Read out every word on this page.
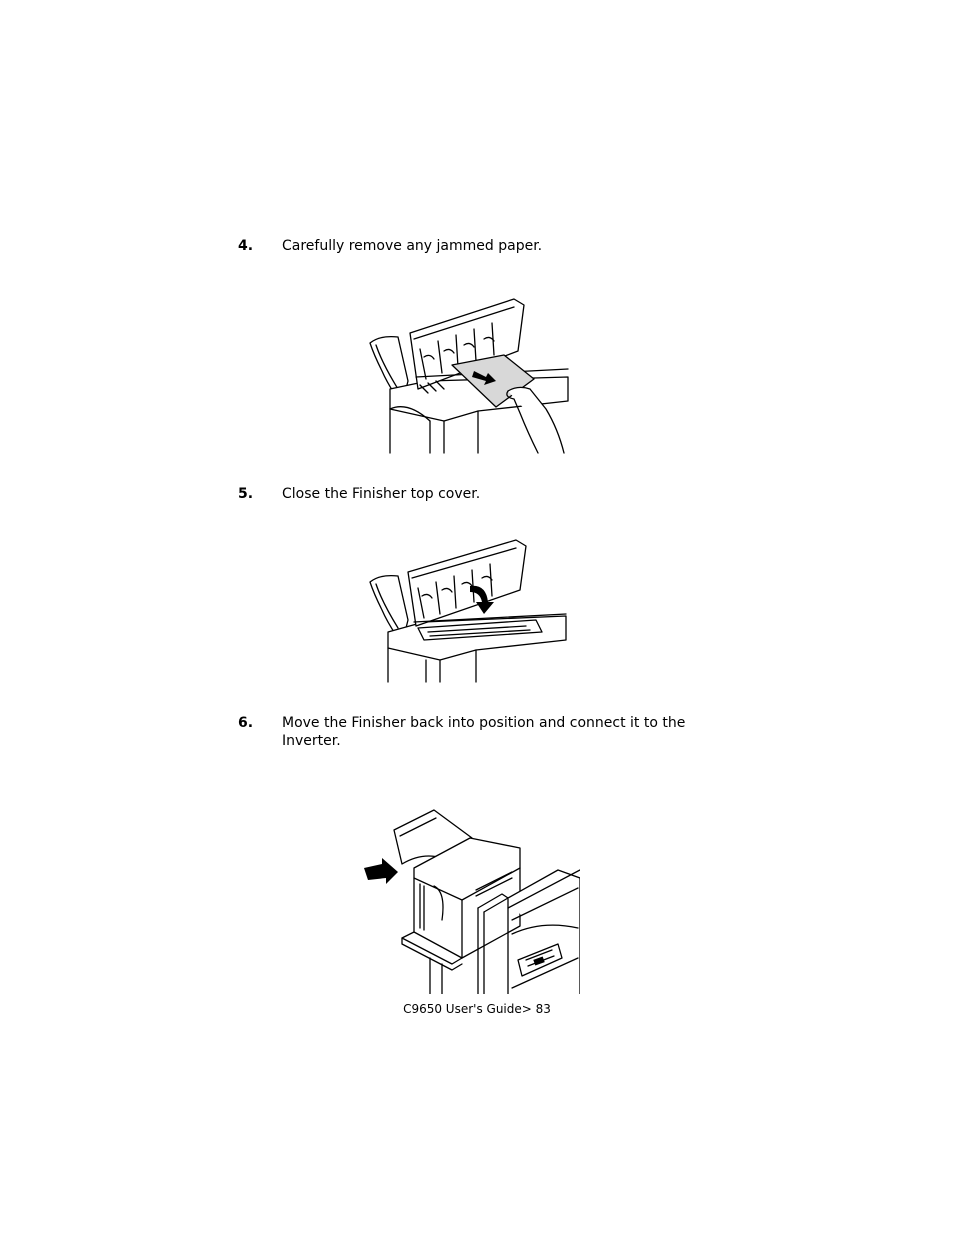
4. Carefully remove any jammed paper.
5. Close the Finisher top cover.
6. Move the Finisher back into position and connect it to the Inverter.
C9650 User's Guide> 83
